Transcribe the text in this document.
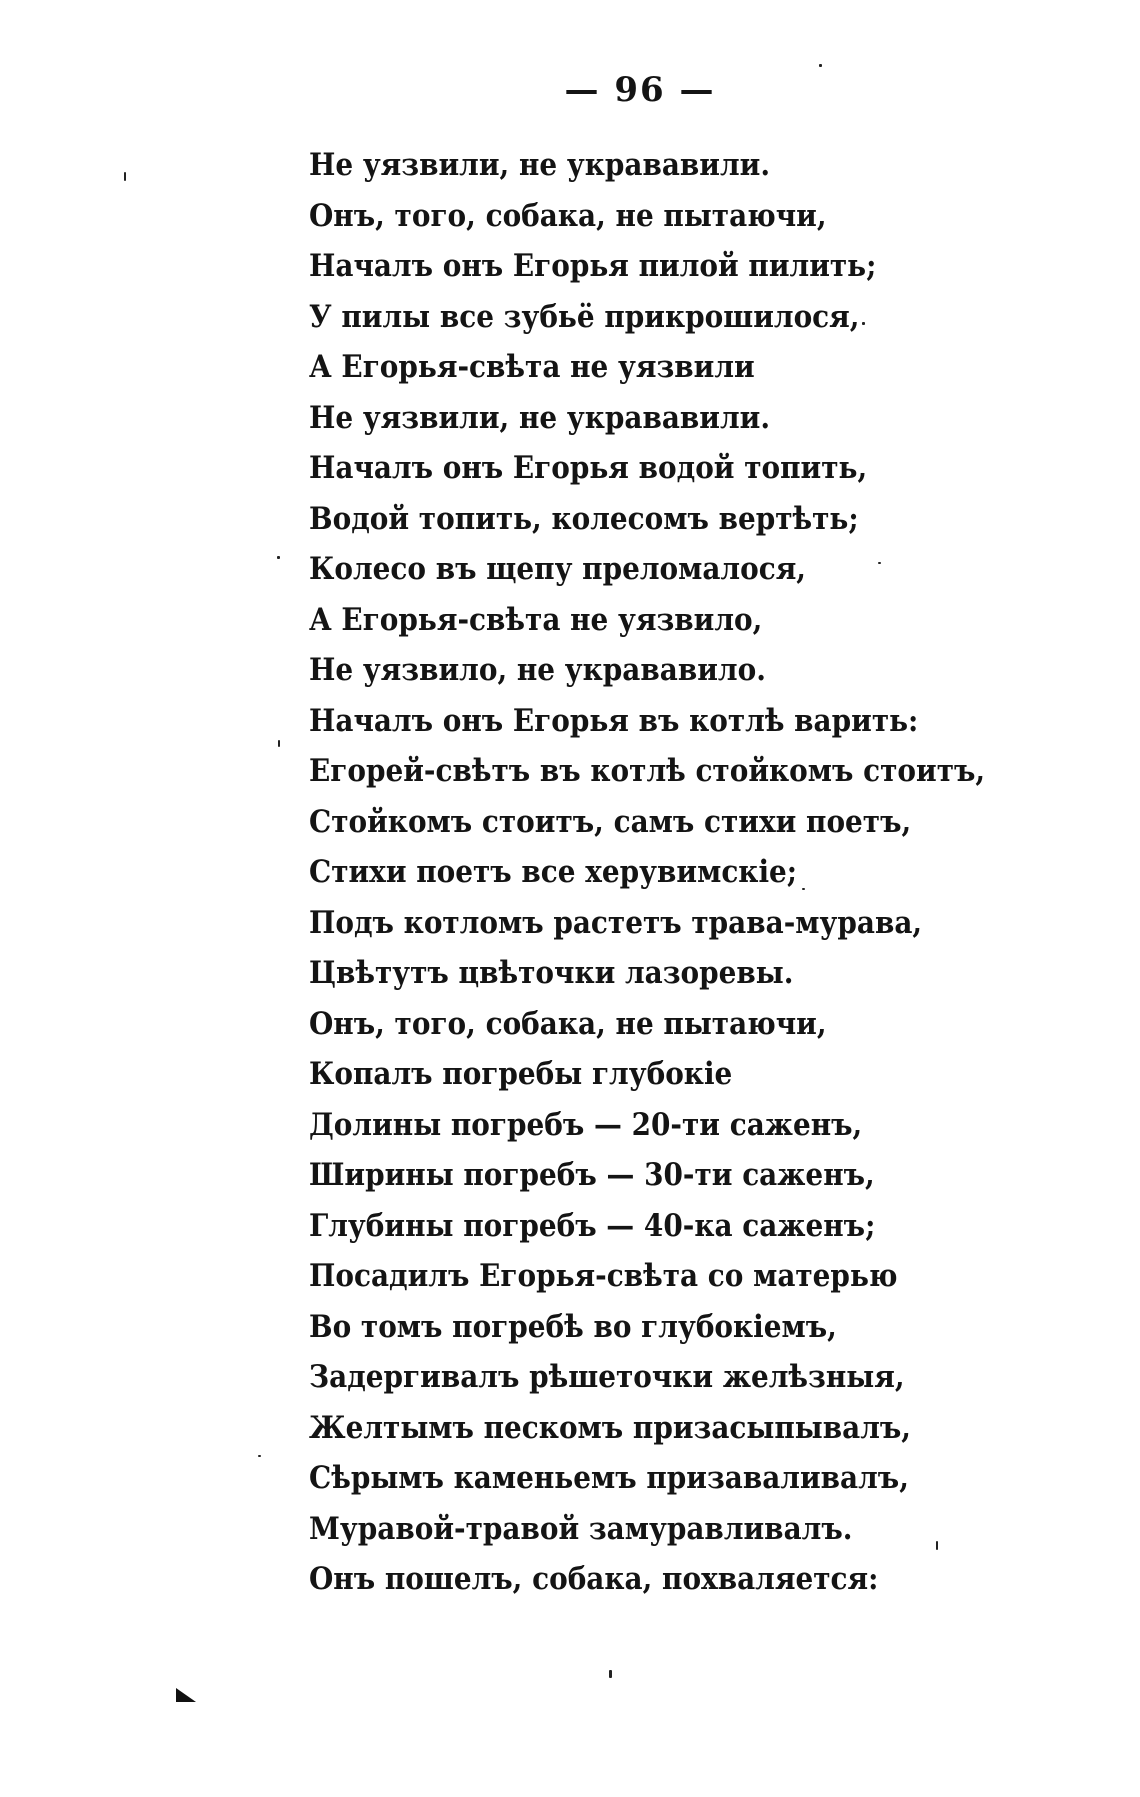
— 96 —
Не уязвили, не укрававили.
Онъ, того, собака, не пытаючи,
Началъ онъ Егорья пилой пилить;
У пилы все зубьё прикрошилося,
А Егорья-свѣта не уязвили
Не уязвили, не укрававили.
Началъ онъ Егорья водой топить,
Водой топить, колесомъ вертѣть;
Колесо въ щепу преломалося,
А Егорья-свѣта не уязвило,
Не уязвило, не укрававило.
Началъ онъ Егорья въ котлѣ варить:
Егорей-свѣтъ въ котлѣ стойкомъ стоитъ,
Стойкомъ стоитъ, самъ стихи поетъ,
Стихи поетъ все херувимскіе;
Подъ котломъ растетъ трава-мурава,
Цвѣтутъ цвѣточки лазоревы.
Онъ, того, собака, не пытаючи,
Копалъ погребы глубокіе
Долины погребъ — 20-ти саженъ,
Ширины погребъ — 30-ти саженъ,
Глубины погребъ — 40-ка саженъ;
Посадилъ Егорья-свѣта со матерью
Во томъ погребѣ во глубокіемъ,
Задергивалъ рѣшеточки желѣзныя,
Желтымъ пескомъ призасыпывалъ,
Сѣрымъ каменьемъ призаваливалъ,
Муравой-травой замуравливалъ.
Онъ пошелъ, собака, похваляется:
